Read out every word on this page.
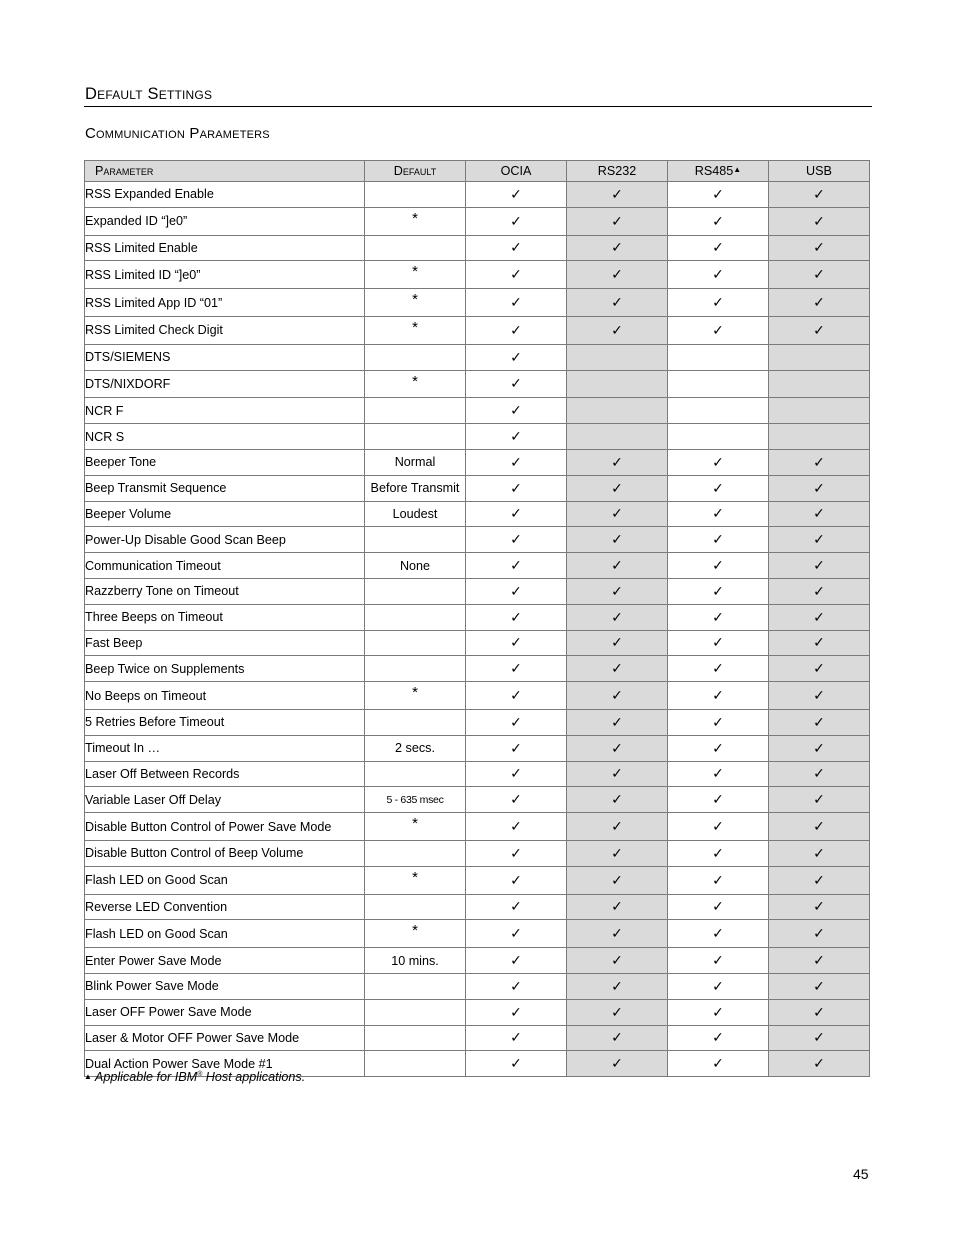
Default Settings
Communication Parameters
Parameter	Default	OCIA	RS232	RS485▲	USB
RSS Expanded Enable		✓	✓	✓	✓
Expanded ID “]e0”	*	✓	✓	✓	✓
RSS Limited Enable		✓	✓	✓	✓
RSS Limited ID “]e0”	*	✓	✓	✓	✓
RSS Limited App ID “01”	*	✓	✓	✓	✓
RSS Limited Check Digit	*	✓	✓	✓	✓
DTS/SIEMENS		✓			
DTS/NIXDORF	*	✓			
NCR F		✓			
NCR S		✓			
Beeper Tone	Normal	✓	✓	✓	✓
Beep Transmit Sequence	Before Transmit	✓	✓	✓	✓
Beeper Volume	Loudest	✓	✓	✓	✓
Power-Up Disable Good Scan Beep		✓	✓	✓	✓
Communication Timeout	None	✓	✓	✓	✓
Razzberry Tone on Timeout		✓	✓	✓	✓
Three Beeps on Timeout		✓	✓	✓	✓
Fast Beep		✓	✓	✓	✓
Beep Twice on Supplements		✓	✓	✓	✓
No Beeps on Timeout	*	✓	✓	✓	✓
5 Retries Before Timeout		✓	✓	✓	✓
Timeout In …	2 secs.	✓	✓	✓	✓
Laser Off Between Records		✓	✓	✓	✓
Variable Laser Off Delay	5 - 635 msec	✓	✓	✓	✓
Disable Button Control of Power Save Mode	*	✓	✓	✓	✓
Disable Button Control of Beep Volume		✓	✓	✓	✓
Flash LED on Good Scan	*	✓	✓	✓	✓
Reverse LED Convention		✓	✓	✓	✓
Flash LED on Good Scan	*	✓	✓	✓	✓
Enter Power Save Mode	10 mins.	✓	✓	✓	✓
Blink Power Save Mode		✓	✓	✓	✓
Laser OFF Power Save Mode		✓	✓	✓	✓
Laser & Motor OFF Power Save Mode		✓	✓	✓	✓
Dual Action Power Save Mode #1		✓	✓	✓	✓
▲ Applicable for IBM® Host applications.
45
